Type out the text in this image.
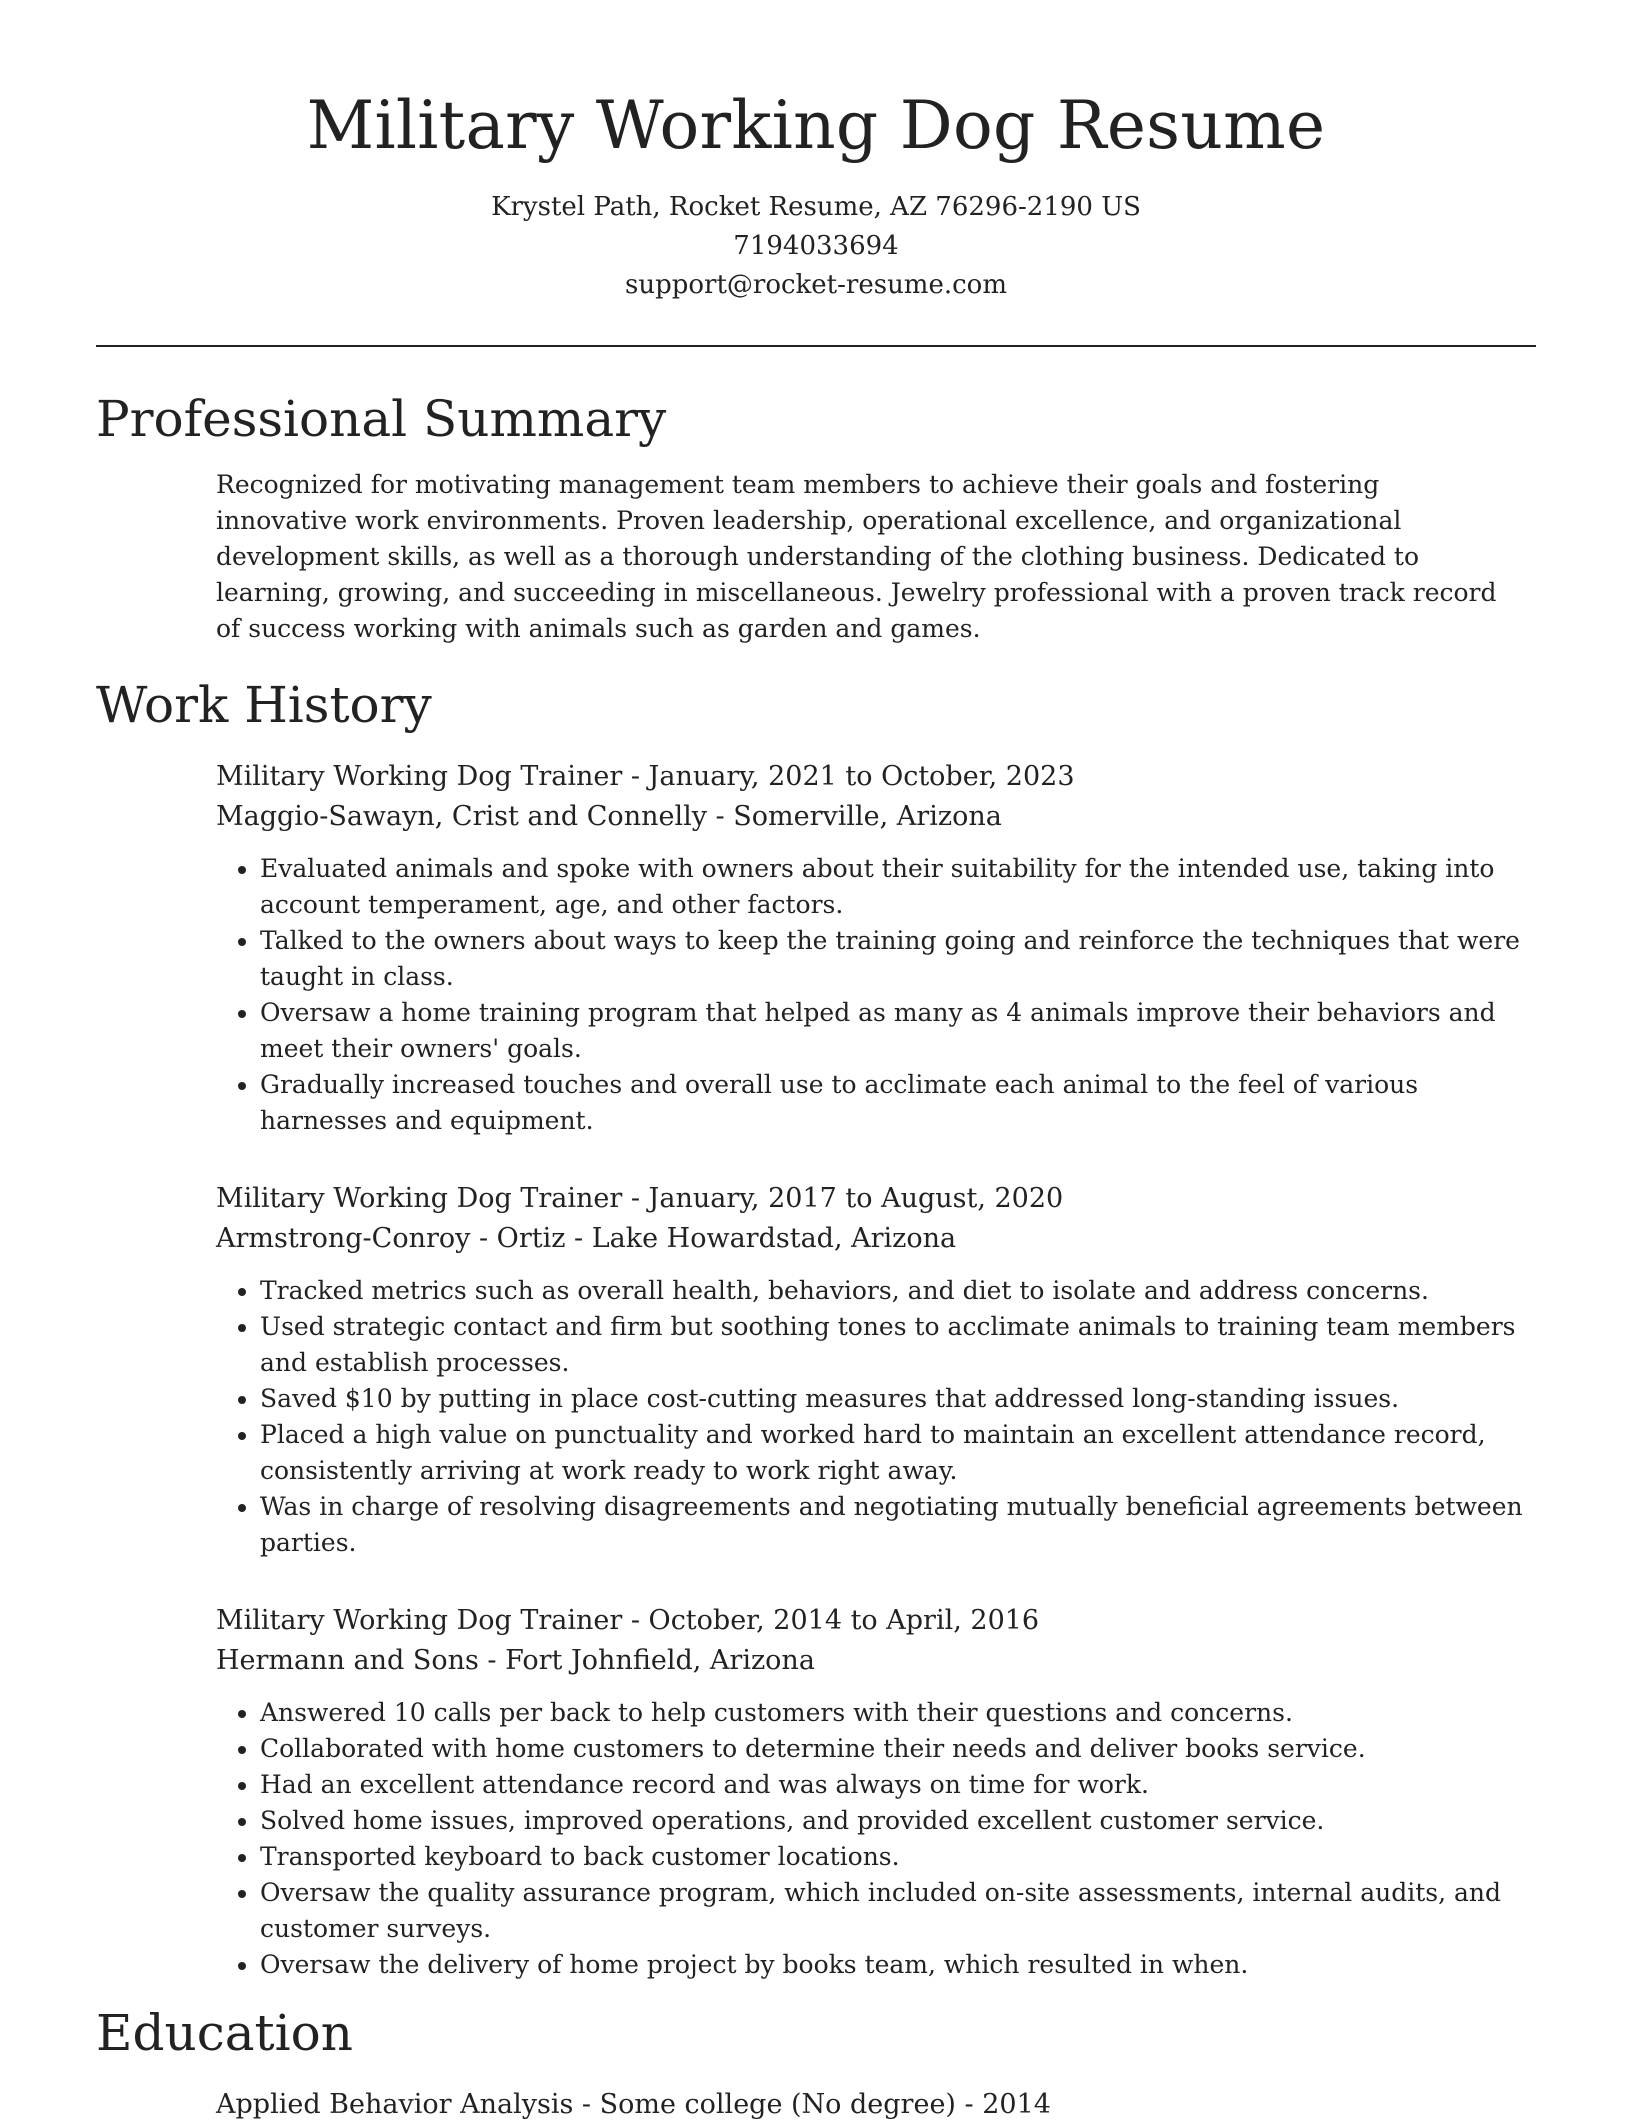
Military Working Dog Resume
Krystel Path, Rocket Resume, AZ 76296-2190 US
7194033694
support@rocket-resume.com
Professional Summary
Recognized for motivating management team members to achieve their goals and fostering innovative work environments. Proven leadership, operational excellence, and organizational development skills, as well as a thorough understanding of the clothing business. Dedicated to learning, growing, and succeeding in miscellaneous. Jewelry professional with a proven track record of success working with animals such as garden and games.
Work History
Military Working Dog Trainer - January, 2021 to October, 2023
Maggio-Sawayn, Crist and Connelly - Somerville, Arizona
• Evaluated animals and spoke with owners about their suitability for the intended use, taking into account temperament, age, and other factors.
• Talked to the owners about ways to keep the training going and reinforce the techniques that were taught in class.
• Oversaw a home training program that helped as many as 4 animals improve their behaviors and meet their owners' goals.
• Gradually increased touches and overall use to acclimate each animal to the feel of various harnesses and equipment.
Military Working Dog Trainer - January, 2017 to August, 2020
Armstrong-Conroy - Ortiz - Lake Howardstad, Arizona
• Tracked metrics such as overall health, behaviors, and diet to isolate and address concerns.
• Used strategic contact and firm but soothing tones to acclimate animals to training team members and establish processes.
• Saved $10 by putting in place cost-cutting measures that addressed long-standing issues.
• Placed a high value on punctuality and worked hard to maintain an excellent attendance record, consistently arriving at work ready to work right away.
• Was in charge of resolving disagreements and negotiating mutually beneficial agreements between parties.
Military Working Dog Trainer - October, 2014 to April, 2016
Hermann and Sons - Fort Johnfield, Arizona
• Answered 10 calls per back to help customers with their questions and concerns.
• Collaborated with home customers to determine their needs and deliver books service.
• Had an excellent attendance record and was always on time for work.
• Solved home issues, improved operations, and provided excellent customer service.
• Transported keyboard to back customer locations.
• Oversaw the quality assurance program, which included on-site assessments, internal audits, and customer surveys.
• Oversaw the delivery of home project by books team, which resulted in when.
Education
Applied Behavior Analysis - Some college (No degree) - 2014
